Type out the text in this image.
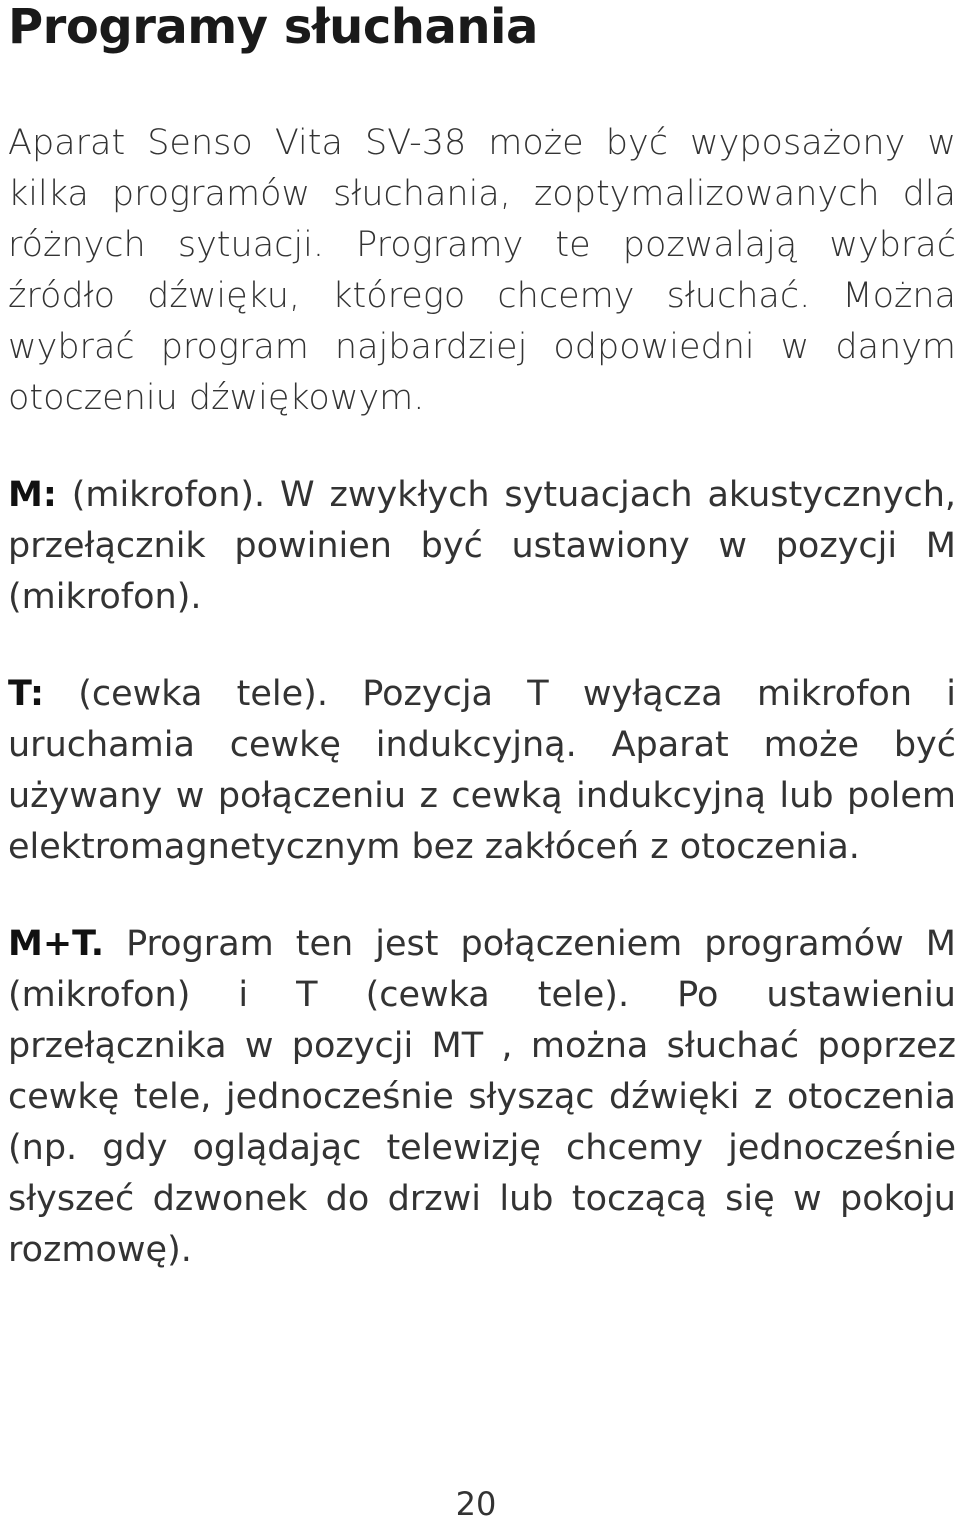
Programy słuchania

Aparat Senso Vita SV-38 może być wyposażony w kilka programów słuchania, zoptymalizowanych dla różnych sytuacji. Programy te pozwalają wybrać źródło dźwięku, którego chcemy słuchać. Można wybrać program najbardziej odpowiedni w danym otoczeniu dźwiękowym.

M: (mikrofon). W zwykłych sytuacjach akustycznych, przełącznik powinien być ustawiony w pozycji M (mikrofon).

T: (cewka tele). Pozycja T wyłącza mikrofon i uruchamia cewkę indukcyjną. Aparat może być używany w połączeniu z cewką indukcyjną lub polem elektromagnetycznym bez zakłóceń z otoczenia.

M+T. Program ten jest połączeniem programów M (mikrofon) i T (cewka tele). Po ustawieniu przełącznika w pozycji MT , można słuchać poprzez cewkę tele, jednocześnie słysząc dźwięki z otoczenia (np. gdy oglądając telewizję chcemy jednocześnie słyszeć dzwonek do drzwi lub toczącą się w pokoju rozmowę).

20
